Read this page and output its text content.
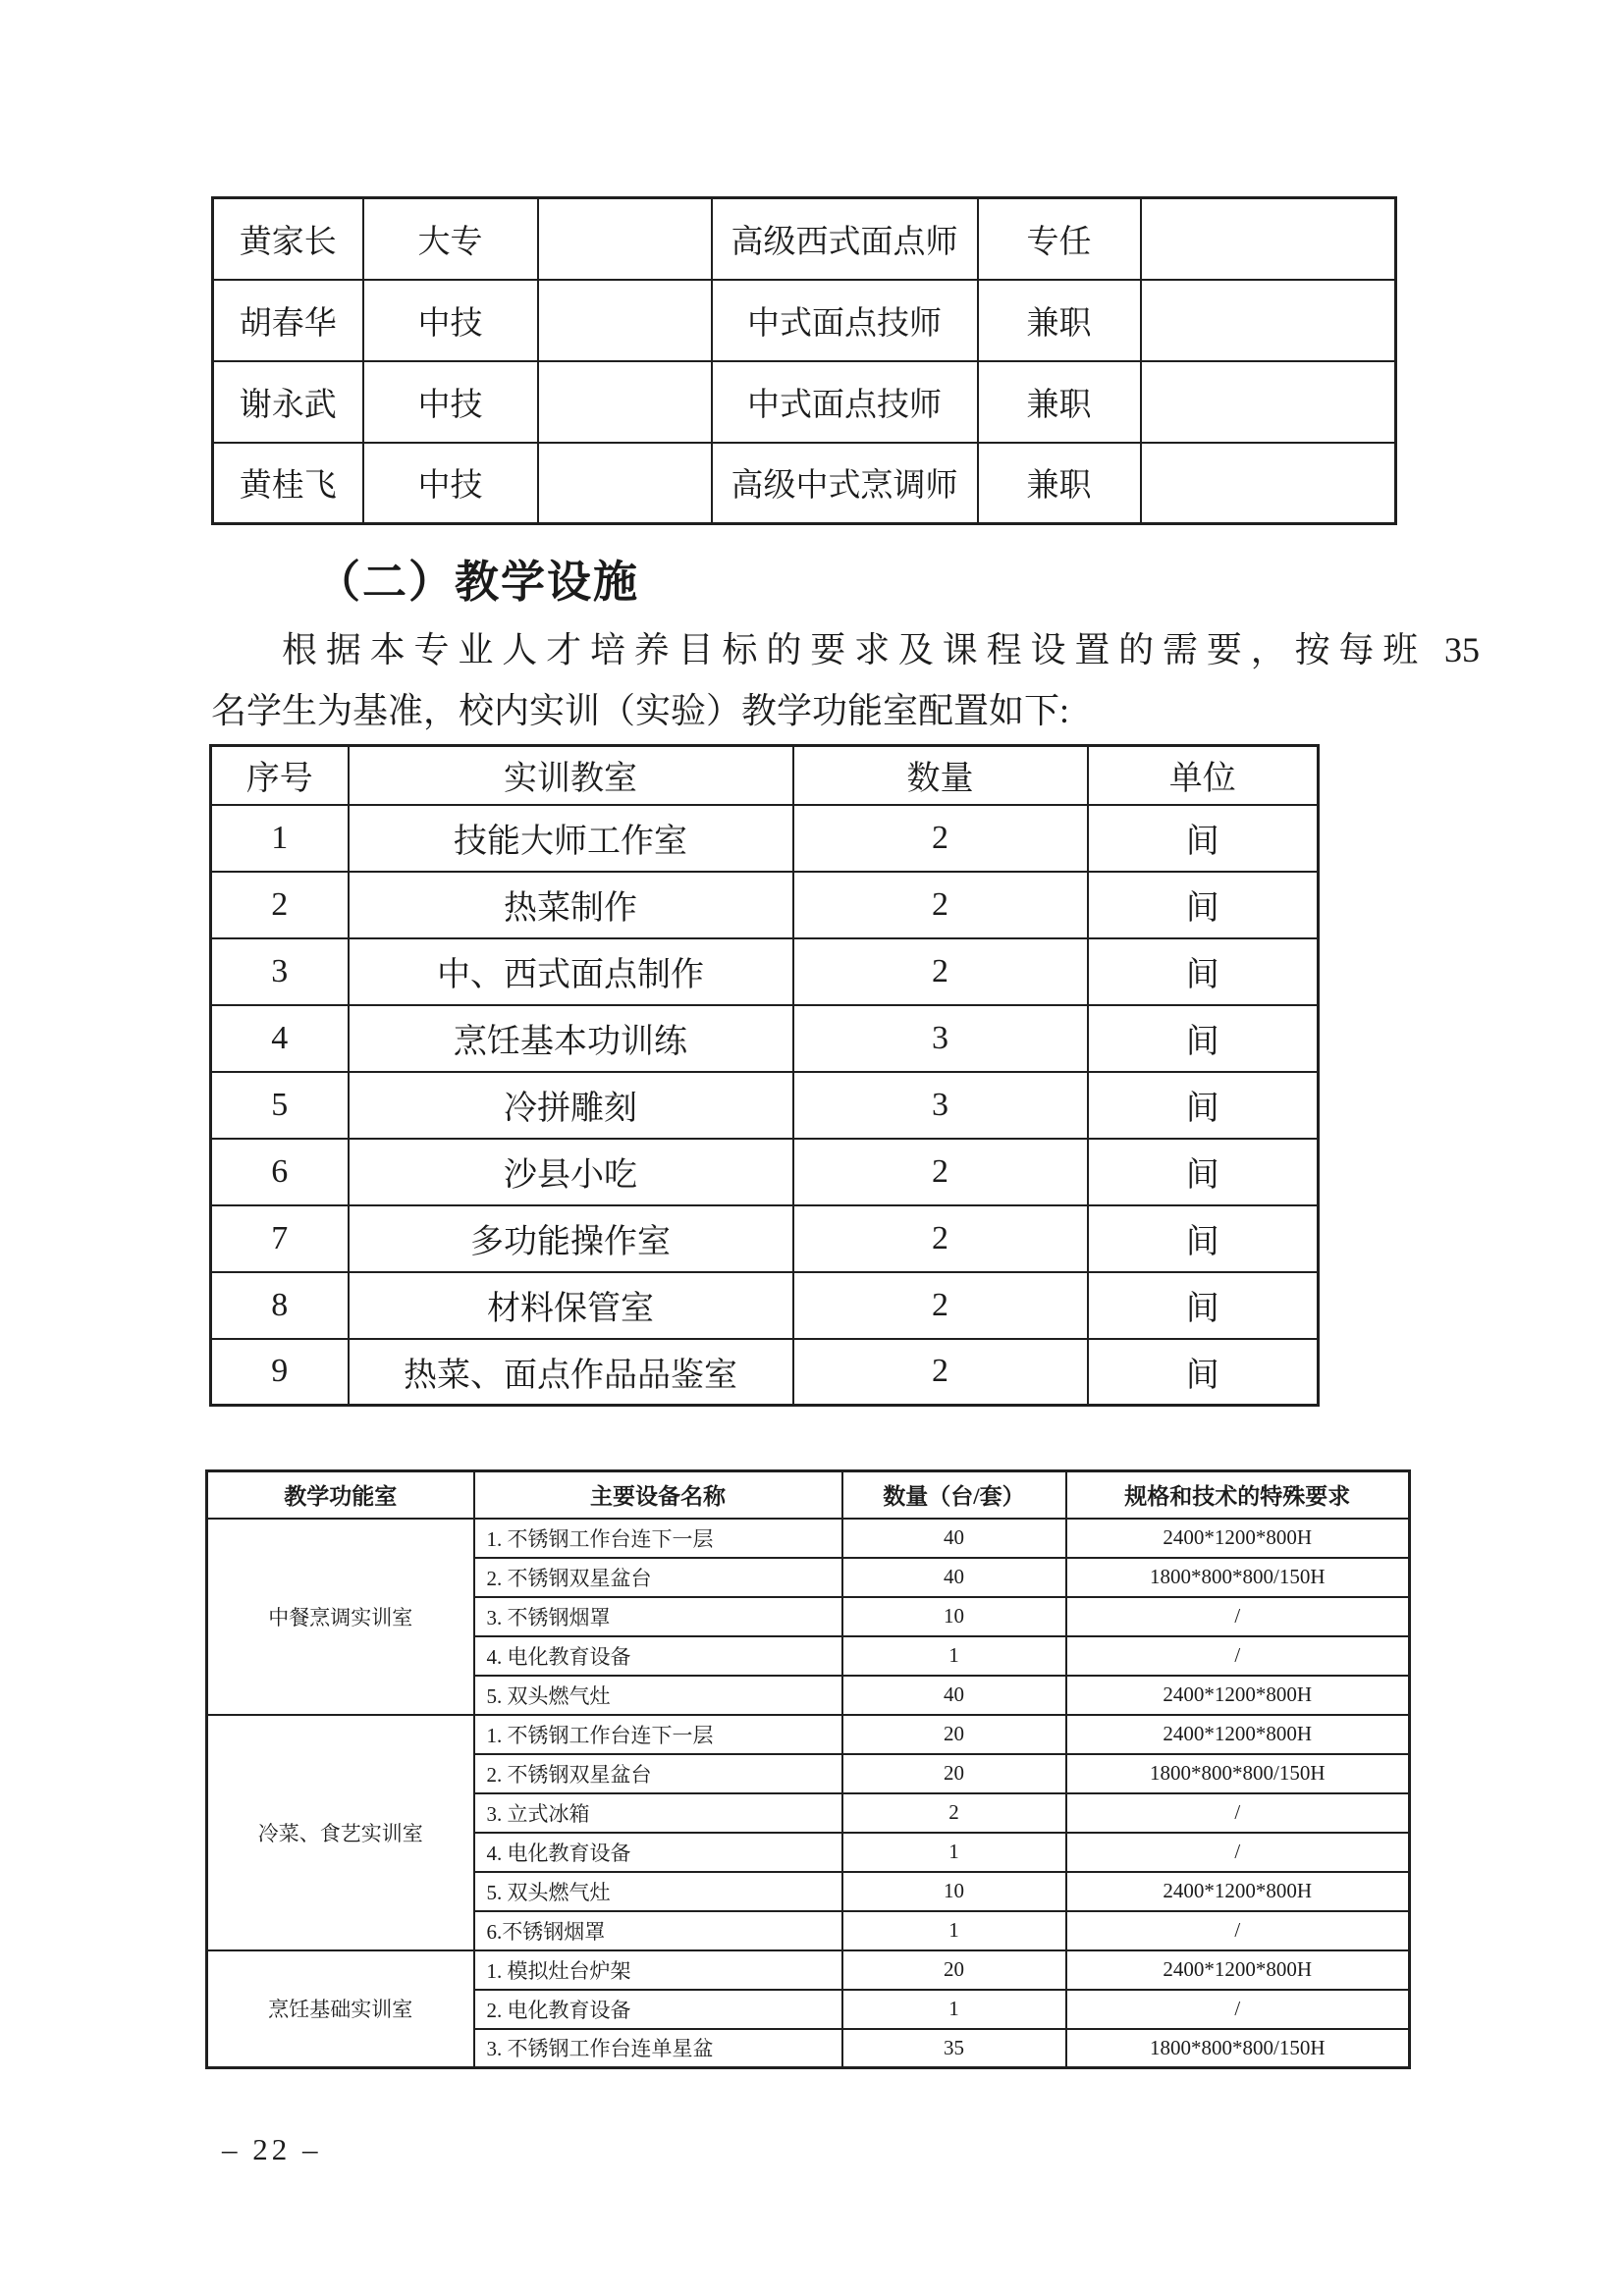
黄家长	大专		高级西式面点师	专任	
胡春华	中技		中式面点技师	兼职	
谢永武	中技		中式面点技师	兼职	
黄桂飞	中技		高级中式烹调师	兼职	
（二）教学设施
根据本专业人才培养目标的要求及课程设置的需要，按每班 35
名学生为基准，校内实训（实验）教学功能室配置如下:
序号	实训教室	数量	单位
1	技能大师工作室	2	间
2	热菜制作	2	间
3	中、西式面点制作	2	间
4	烹饪基本功训练	3	间
5	冷拼雕刻	3	间
6	沙县小吃	2	间
7	多功能操作室	2	间
8	材料保管室	2	间
9	热菜、面点作品品鉴室	2	间
教学功能室	主要设备名称	数量（台/套）	规格和技术的特殊要求
中餐烹调实训室	1. 不锈钢工作台连下一层	40	2400*1200*800H
	2. 不锈钢双星盆台	40	1800*800*800/150H
	3. 不锈钢烟罩	10	/
	4. 电化教育设备	1	/
	5. 双头燃气灶	40	2400*1200*800H
冷菜、食艺实训室	1. 不锈钢工作台连下一层	20	2400*1200*800H
	2. 不锈钢双星盆台	20	1800*800*800/150H
	3. 立式冰箱	2	/
	4. 电化教育设备	1	/
	5. 双头燃气灶	10	2400*1200*800H
	6.不锈钢烟罩	1	/
烹饪基础实训室	1. 模拟灶台炉架	20	2400*1200*800H
	2. 电化教育设备	1	/
	3. 不锈钢工作台连单星盆	35	1800*800*800/150H
– 22 –
